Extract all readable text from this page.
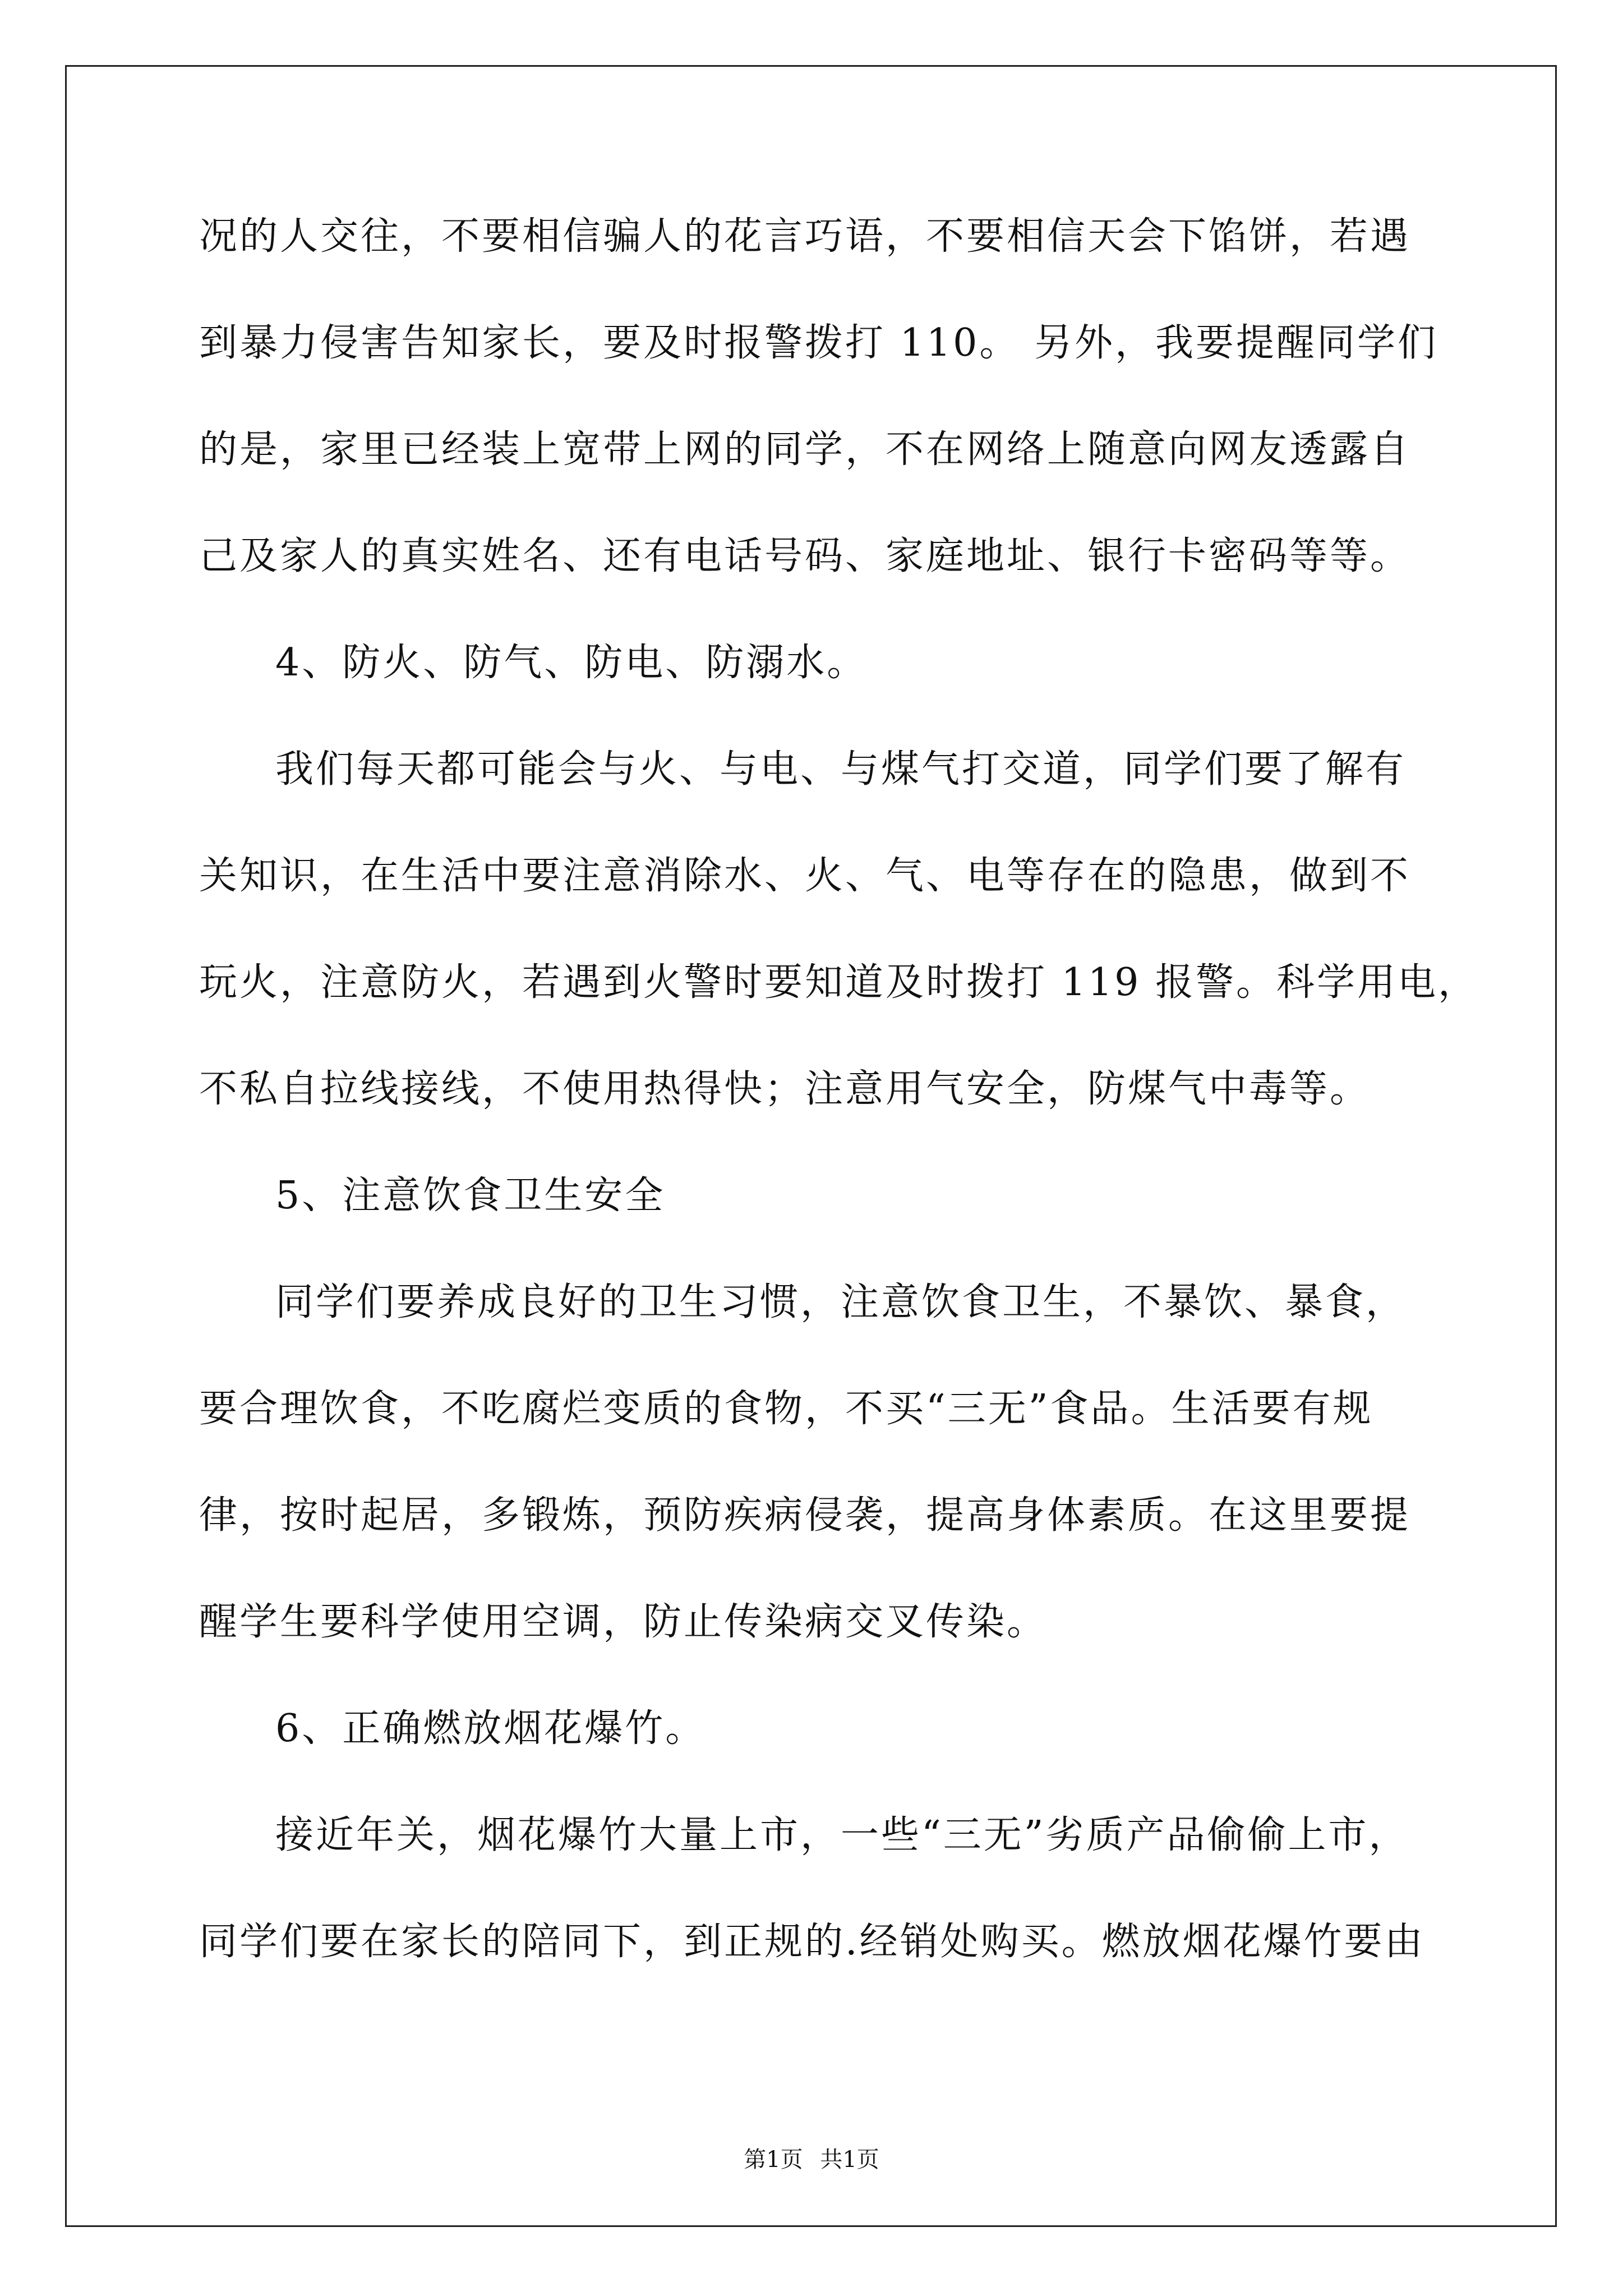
况的人交往，不要相信骗人的花言巧语，不要相信天会下馅饼，若遇
到暴力侵害告知家长，要及时报警拨打 110。 另外，我要提醒同学们
的是，家里已经装上宽带上网的同学，不在网络上随意向网友透露自
己及家人的真实姓名、还有电话号码、家庭地址、银行卡密码等等。
4、防火、防气、防电、防溺水。
我们每天都可能会与火、与电、与煤气打交道，同学们要了解有
关知识，在生活中要注意消除水、火、气、电等存在的隐患，做到不
玩火，注意防火，若遇到火警时要知道及时拨打 119 报警。科学用电，
不私自拉线接线，不使用热得快；注意用气安全，防煤气中毒等。
5、注意饮食卫生安全
同学们要养成良好的卫生习惯，注意饮食卫生，不暴饮、暴食，
要合理饮食，不吃腐烂变质的食物，不买“三无”食品。生活要有规
律，按时起居，多锻炼，预防疾病侵袭，提高身体素质。在这里要提
醒学生要科学使用空调，防止传染病交叉传染。
6、正确燃放烟花爆竹。
接近年关，烟花爆竹大量上市，一些“三无”劣质产品偷偷上市，
同学们要在家长的陪同下，到正规的.经销处购买。燃放烟花爆竹要由
第1页 共1页
